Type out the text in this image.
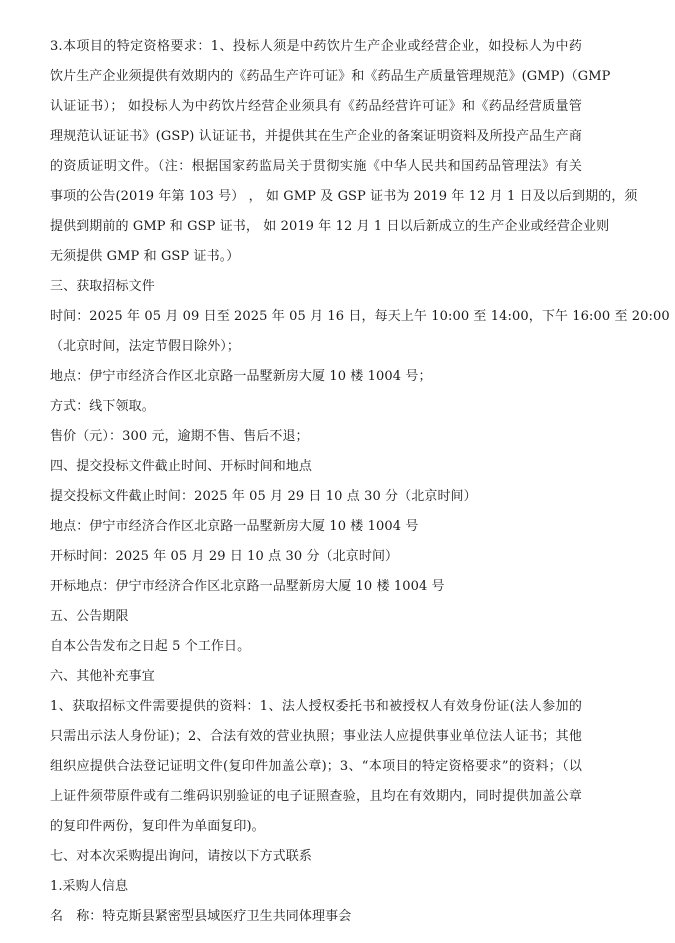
3.本项目的特定资格要求：1、投标人须是中药饮片生产企业或经营企业，如投标人为中药
饮片生产企业须提供有效期内的《药品生产许可证》和《药品生产质量管理规范》(GMP)（GMP
认证证书）； 如投标人为中药饮片经营企业须具有《药品经营许可证》和《药品经营质量管
理规范认证证书》(GSP) 认证证书，并提供其在生产企业的备案证明资料及所投产品生产商
的资质证明文件。（注：根据国家药监局关于贯彻实施《中华人民共和国药品管理法》有关
事项的公告(2019 年第 103 号） ， 如 GMP 及 GSP 证书为 2019 年 12 月 1 日及以后到期的，须
提供到期前的 GMP 和 GSP 证书， 如 2019 年 12 月 1 日以后新成立的生产企业或经营企业则
无须提供 GMP 和 GSP 证书。）
三、获取招标文件
时间：2025 年 05 月 09 日至 2025 年 05 月 16 日，每天上午 10:00 至 14:00，下午 16:00 至 20:00
（北京时间，法定节假日除外）；
地点：伊宁市经济合作区北京路一品墅新房大厦 10 楼 1004 号；
方式：线下领取。
售价（元）：300 元，逾期不售、售后不退；
四、提交投标文件截止时间、开标时间和地点
提交投标文件截止时间：2025 年 05 月 29 日 10 点 30 分（北京时间）
地点：伊宁市经济合作区北京路一品墅新房大厦 10 楼 1004 号
开标时间：2025 年 05 月 29 日 10 点 30 分（北京时间）
开标地点：伊宁市经济合作区北京路一品墅新房大厦 10 楼 1004 号
五、公告期限
自本公告发布之日起 5 个工作日。
六、其他补充事宜
1、获取招标文件需要提供的资料：1、法人授权委托书和被授权人有效身份证(法人参加的
只需出示法人身份证)；2、合法有效的营业执照；事业法人应提供事业单位法人证书；其他
组织应提供合法登记证明文件(复印件加盖公章)；3、“本项目的特定资格要求”的资料；（以
上证件须带原件或有二维码识别验证的电子证照查验，且均在有效期内，同时提供加盖公章
的复印件两份，复印件为单面复印)。
七、对本次采购提出询问，请按以下方式联系
1.采购人信息
名　称：特克斯县紧密型县域医疗卫生共同体理事会
